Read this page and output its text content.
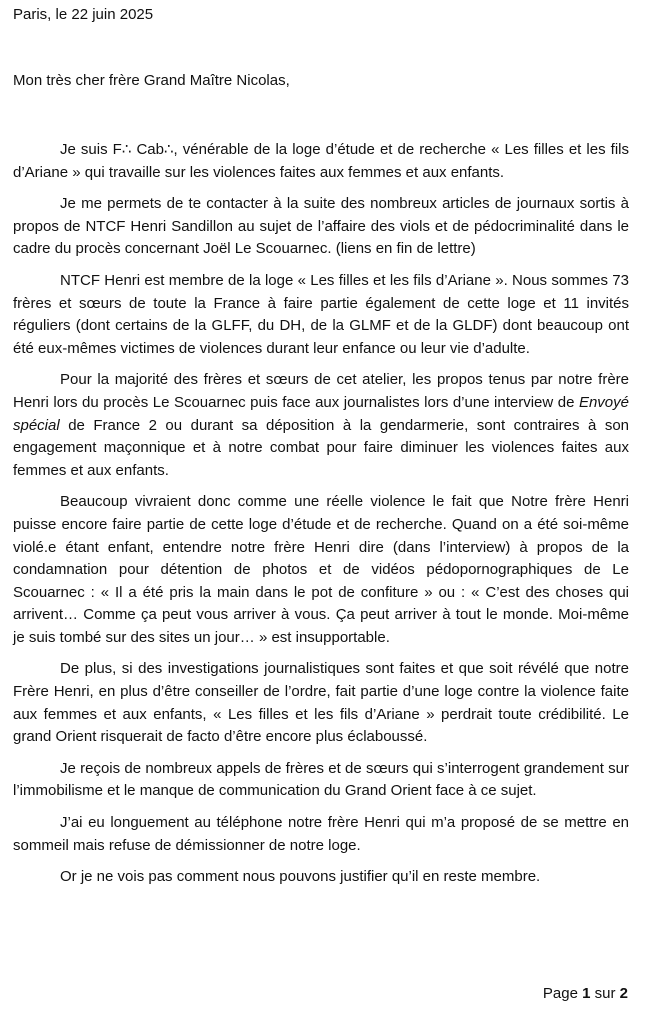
Paris, le 22 juin 2025
Mon très cher frère Grand Maître Nicolas,

Je suis F∴ Cab∴, vénérable de la loge d’étude et de recherche « Les filles et les fils d’Ariane » qui travaille sur les violences faites aux femmes et aux enfants.

Je me permets de te contacter à la suite des nombreux articles de journaux sortis à propos de NTCF Henri Sandillon au sujet de l’affaire des viols et de pédocriminalité dans le cadre du procès concernant Joël Le Scouarnec. (liens en fin de lettre)

NTCF Henri est membre de la loge « Les filles et les fils d’Ariane ». Nous sommes 73 frères et sœurs de toute la France à faire partie également de cette loge et 11 invités réguliers (dont certains de la GLFF, du DH, de la GLMF et de la GLDF) dont beaucoup ont été eux-mêmes victimes de violences durant leur enfance ou leur vie d’adulte.

Pour la majorité des frères et sœurs de cet atelier, les propos tenus par notre frère Henri lors du procès Le Scouarnec puis face aux journalistes lors d’une interview de Envoyé spécial de France 2 ou durant sa déposition à la gendarmerie, sont contraires à son engagement maçonnique et à notre combat pour faire diminuer les violences faites aux femmes et aux enfants.

Beaucoup vivraient donc comme une réelle violence le fait que Notre frère Henri puisse encore faire partie de cette loge d’étude et de recherche. Quand on a été soi-même violé.e étant enfant, entendre notre frère Henri dire (dans l’interview) à propos de la condamnation pour détention de photos et de vidéos pédopornographiques de Le Scouarnec : « Il a été pris la main dans le pot de confiture » ou : « C’est des choses qui arrivent… Comme ça peut vous arriver à vous. Ça peut arriver à tout le monde. Moi-même je suis tombé sur des sites un jour… » est insupportable.

De plus, si des investigations journalistiques sont faites et que soit révélé que notre Frère Henri, en plus d’être conseiller de l’ordre, fait partie d’une loge contre la violence faite aux femmes et aux enfants, « Les filles et les fils d’Ariane » perdrait toute crédibilité. Le grand Orient risquerait de facto d’être encore plus éclaboussé.

Je reçois de nombreux appels de frères et de sœurs qui s’interrogent grandement sur l’immobilisme et le manque de communication du Grand Orient face à ce sujet.

J’ai eu longuement au téléphone notre frère Henri qui m’a proposé de se mettre en sommeil mais refuse de démissionner de notre loge.

Or je ne vois pas comment nous pouvons justifier qu’il en reste membre.

Page 1 sur 2
